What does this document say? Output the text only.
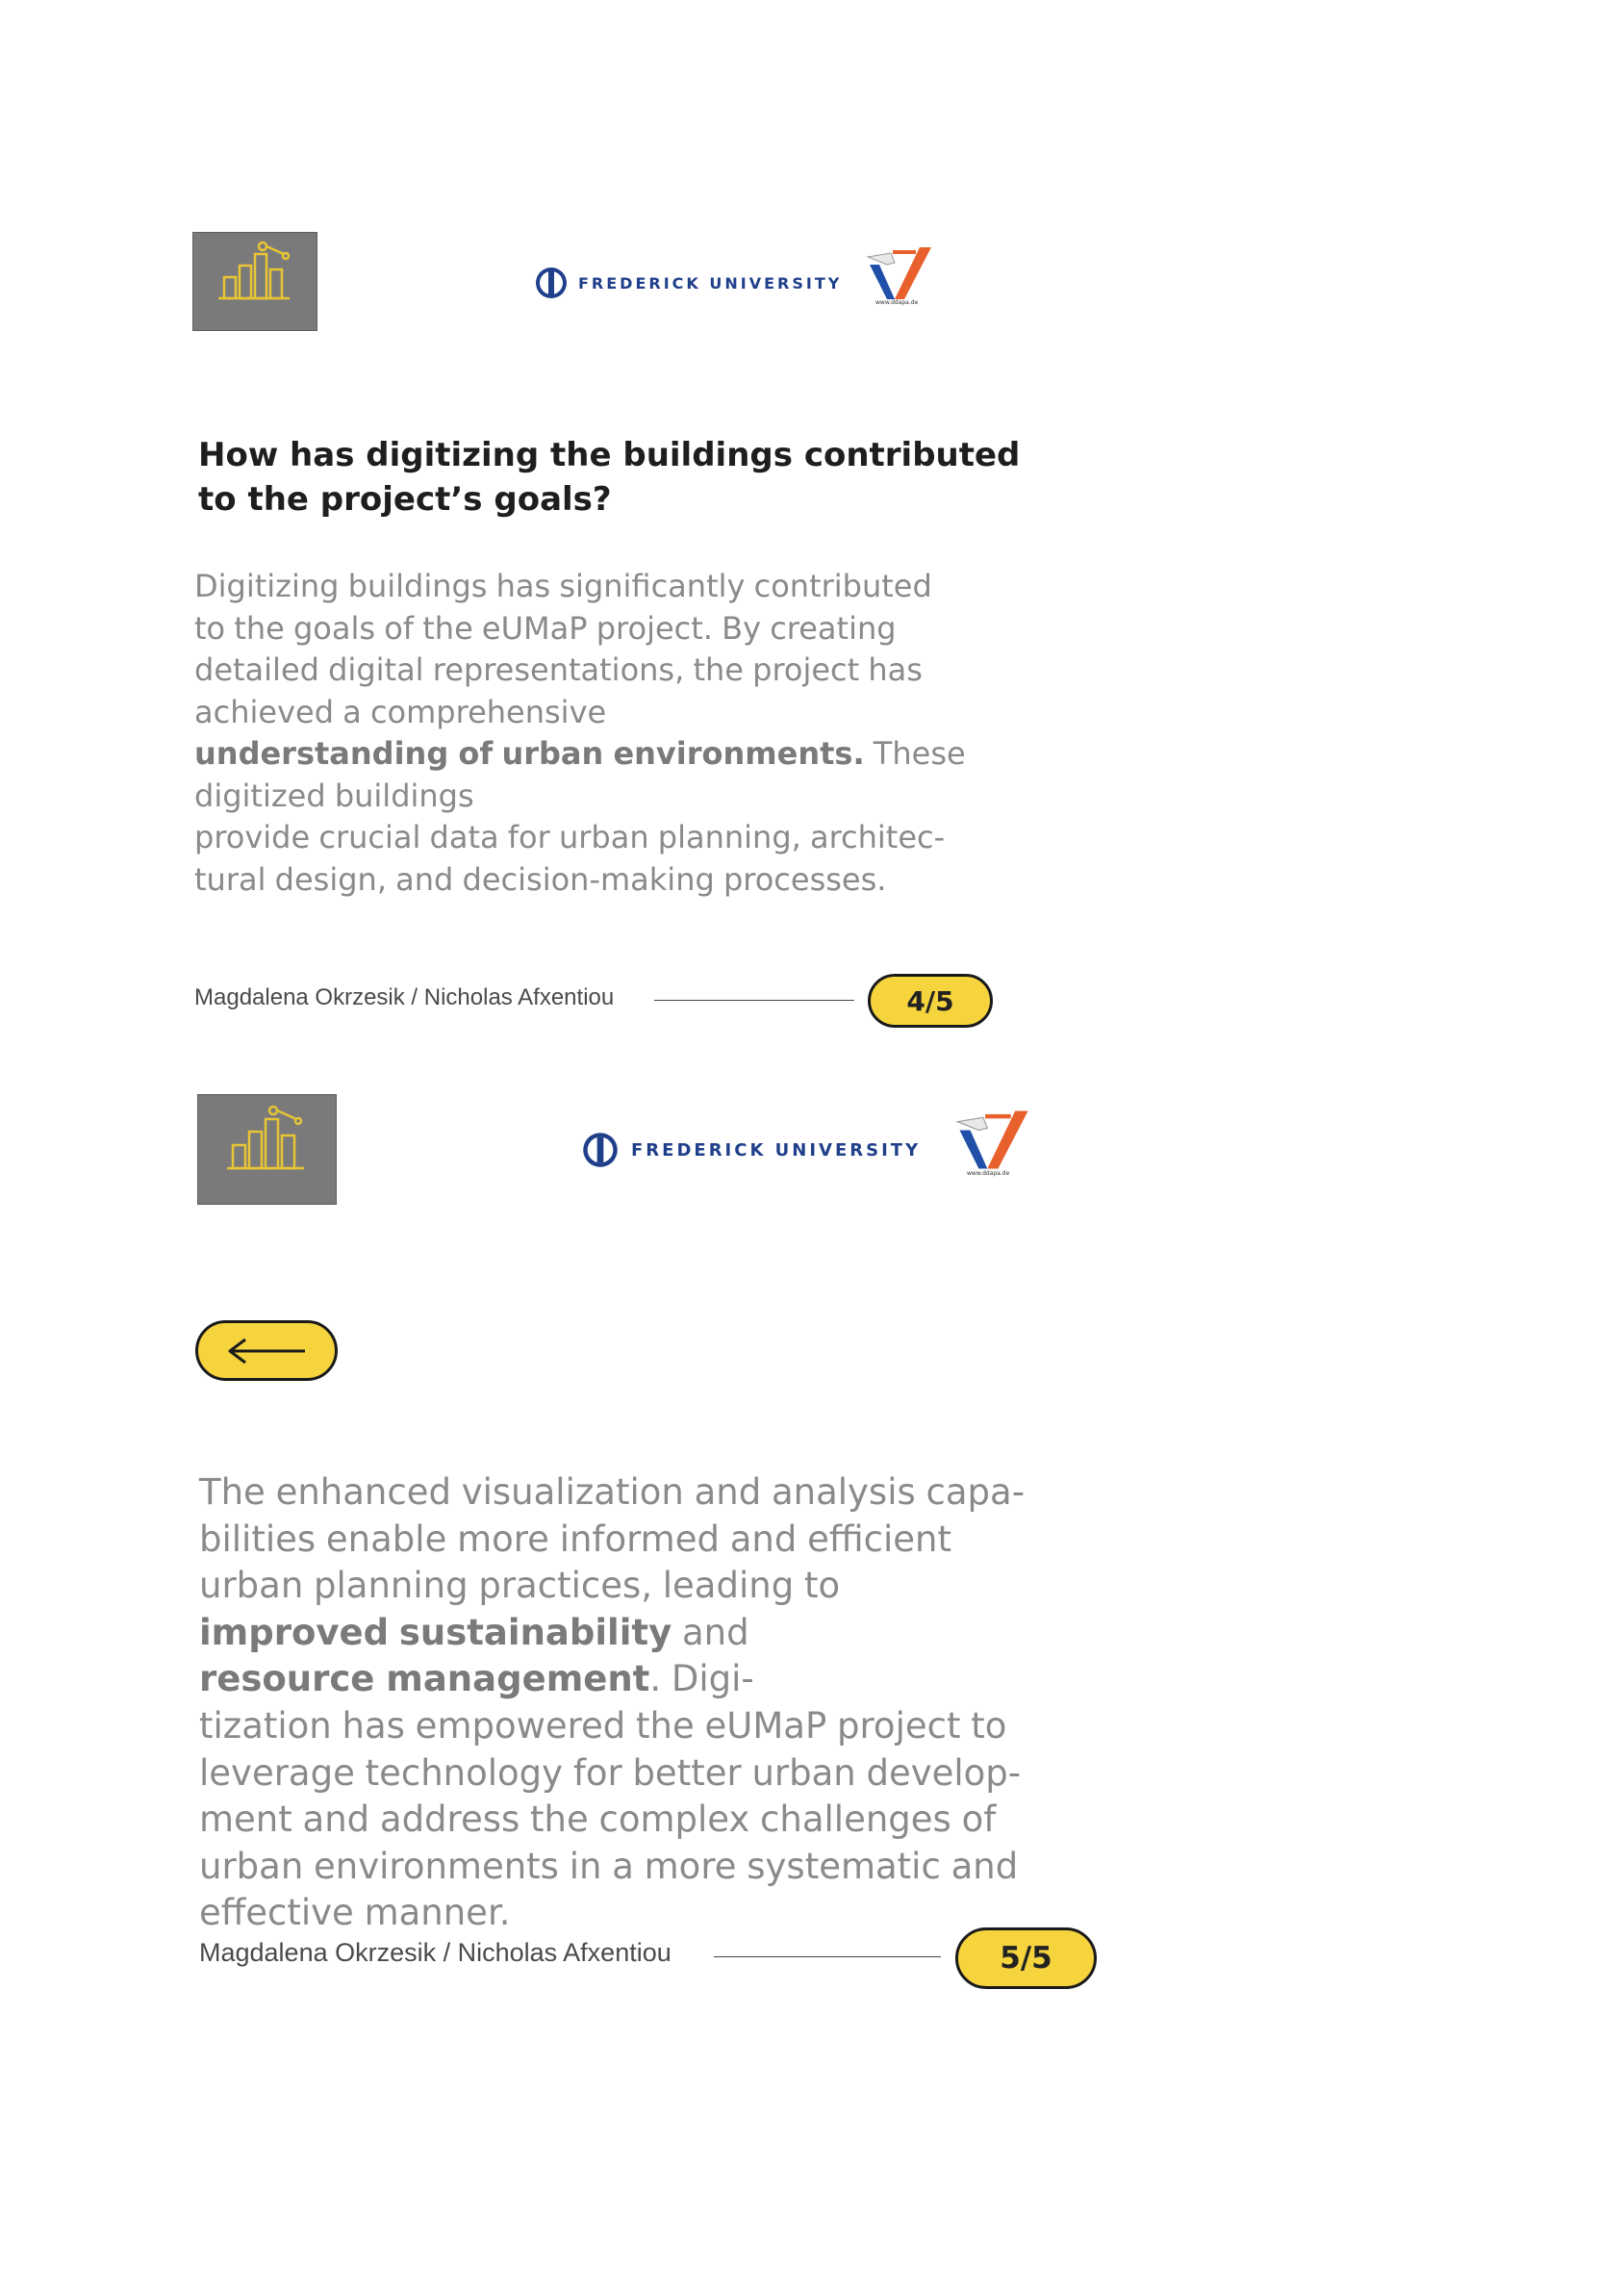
FREDERICK UNIVERSITY
www.ddapa.de
How has digitizing the buildings contributed
to the project’s goals?

Digitizing buildings has significantly contributed
to the goals of the eUMaP project. By creating
detailed digital representations, the project has
achieved a comprehensive
understanding of urban environments. These digitized buildings
provide crucial data for urban planning, architec-
tural design, and decision-making processes.

Magdalena Okrzesik / Nicholas Afxentiou	4/5
FREDERICK UNIVERSITY
www.ddapa.de

The enhanced visualization and analysis capa-
bilities enable more informed and efficient
urban planning practices, leading to
improved sustainability and
resource management. Digi-
tization has empowered the eUMaP project to
leverage technology for better urban develop-
ment and address the complex challenges of
urban environments in a more systematic and
effective manner.

Magdalena Okrzesik / Nicholas Afxentiou	5/5
